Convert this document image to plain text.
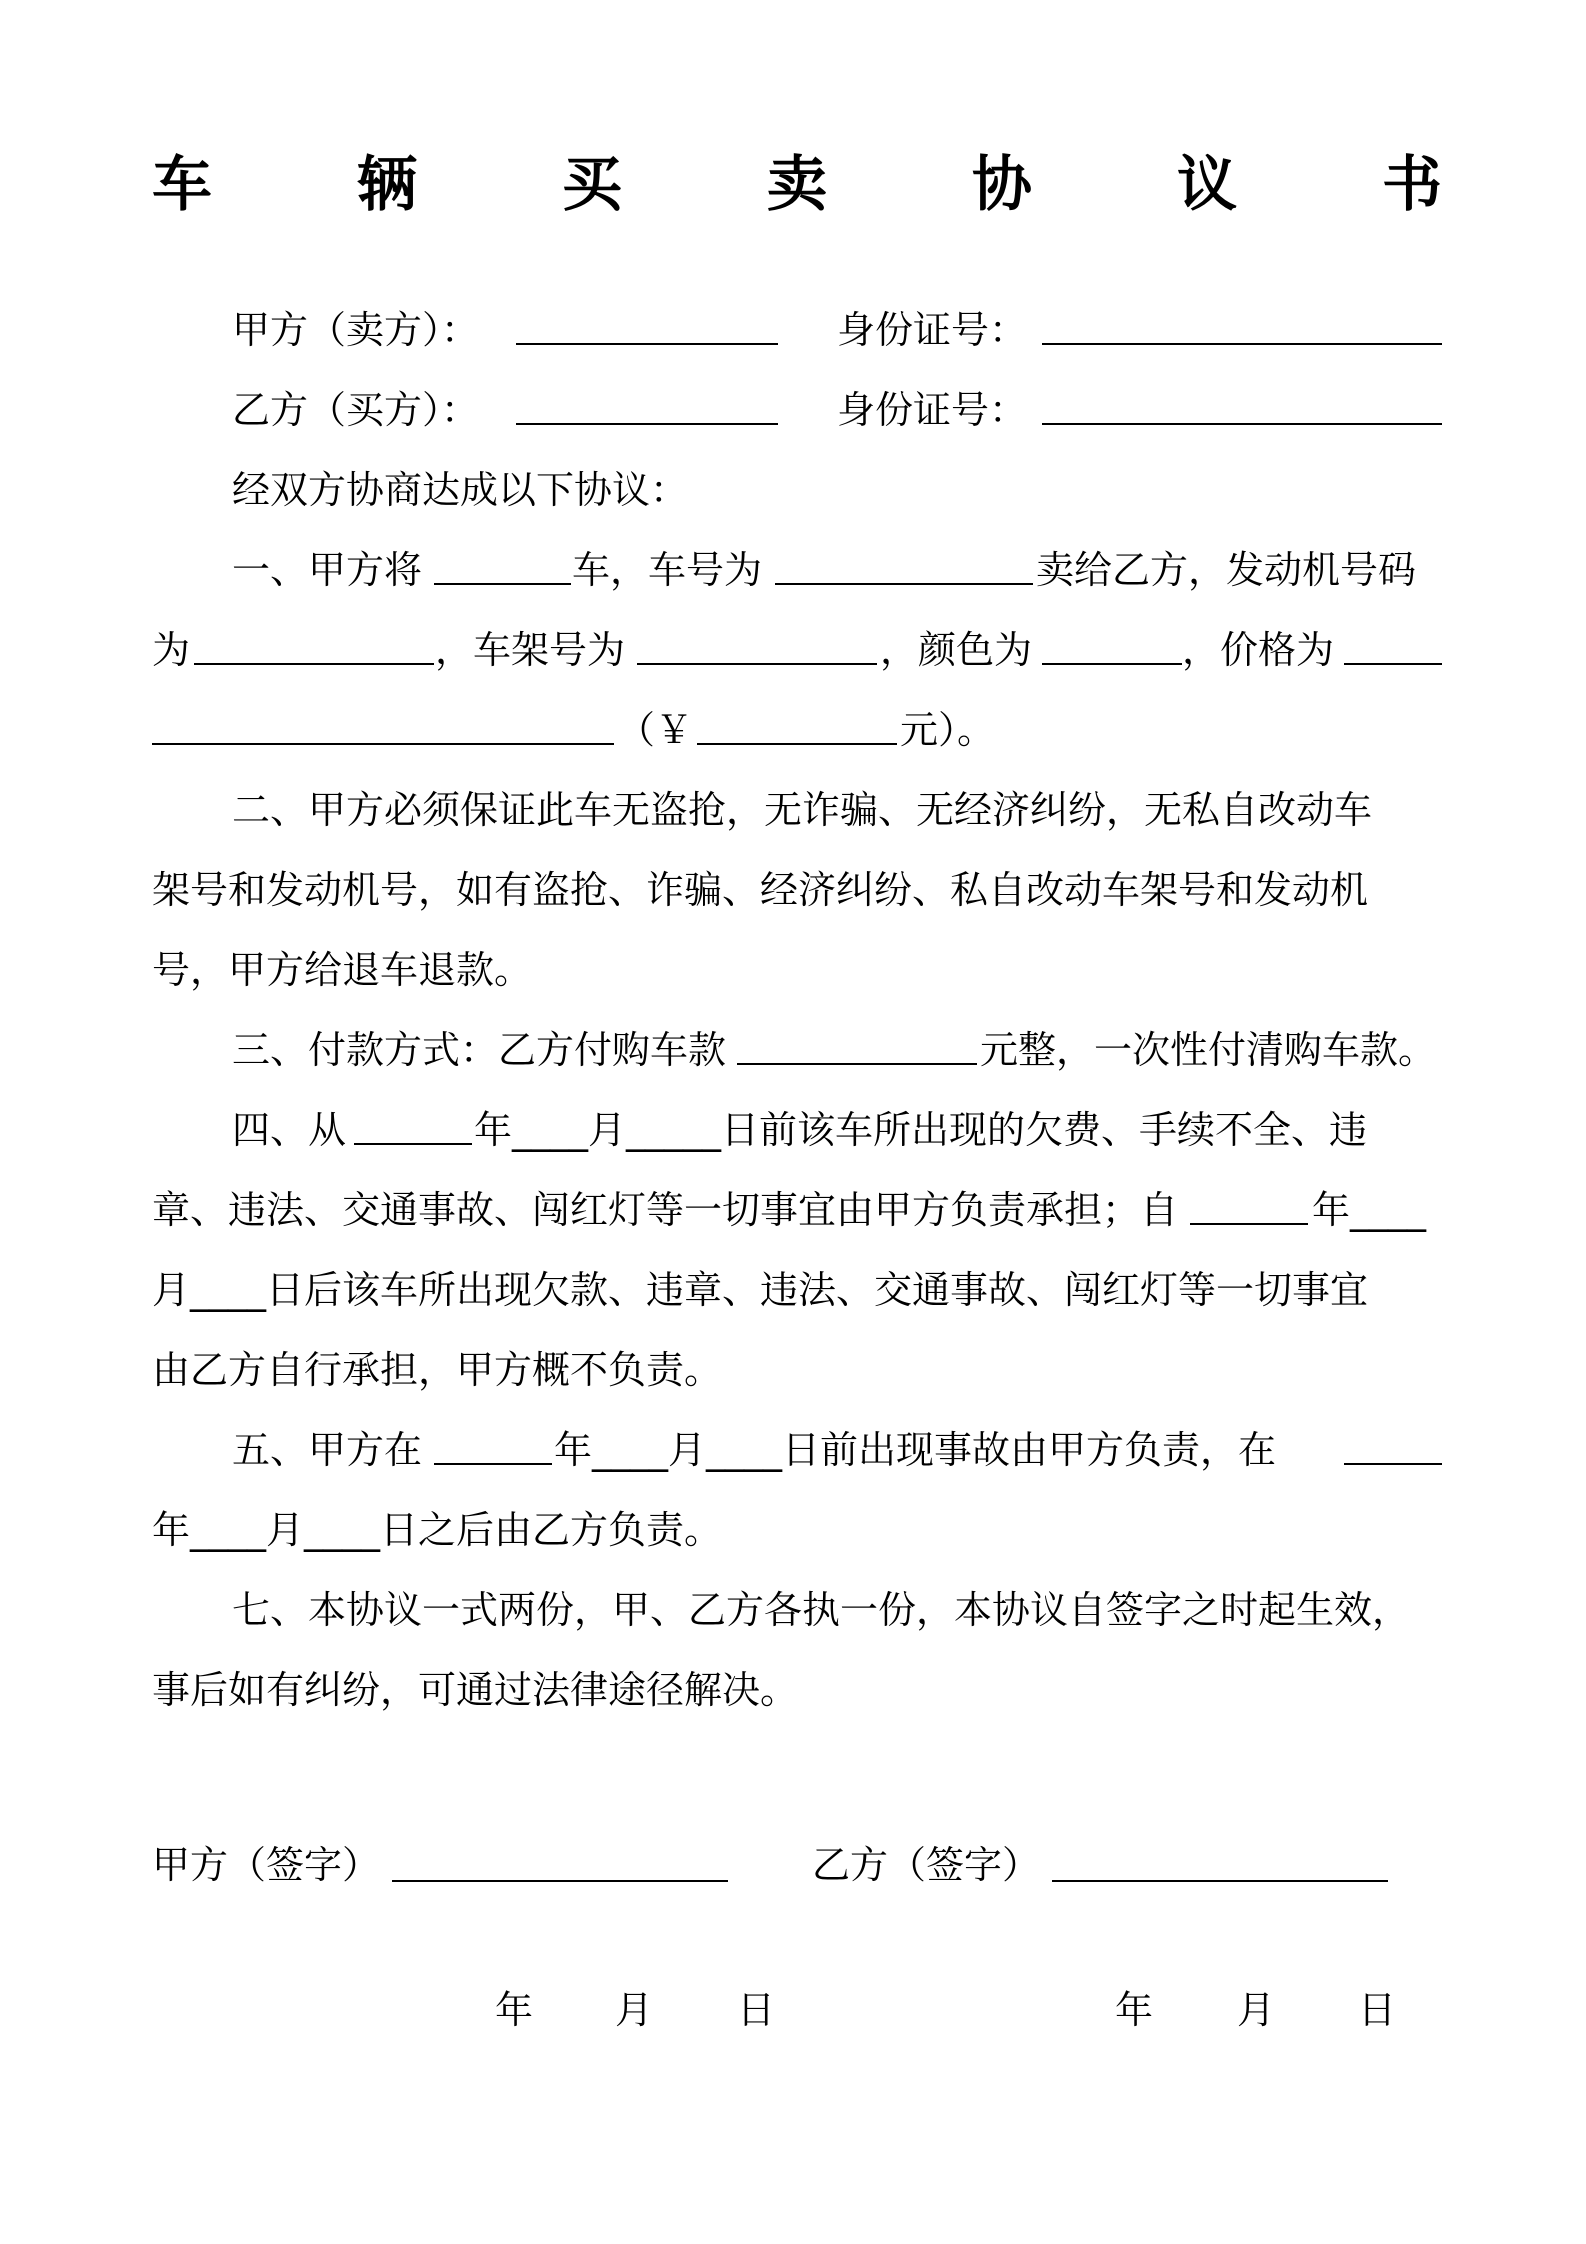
车 辆 买 卖 协 议 书
甲方（卖方）：	身份证号：
乙方（买方）：	身份证号：
经双方协商达成以下协议：
一、甲方将	车，车号为	卖给乙方，发动机号码
为	，车架号为	，颜色为	，价格为
（￥	元）。
二、甲方必须保证此车无盗抢，无诈骗、无经济纠纷，无私自改动车
架号和发动机号，如有盗抢、诈骗、经济纠纷、私自改动车架号和发动机
号，甲方给退车退款。
三、付款方式：乙方付购车款	元整，一次性付清购车款。
四、从	年____月_____日前该车所出现的欠费、手续不全、违
章、违法、交通事故、闯红灯等一切事宜由甲方负责承担；自	年____
月____日后该车所出现欠款、违章、违法、交通事故、闯红灯等一切事宜
由乙方自行承担，甲方概不负责。
五、甲方在	年____月____日前出现事故由甲方负责，在
年____月____日之后由乙方负责。
七、本协议一式两份，甲、乙方各执一份，本协议自签字之时起生效，
事后如有纠纷，可通过法律途径解决。
甲方（签字）	乙方（签字）
年 月 日	年 月 日
